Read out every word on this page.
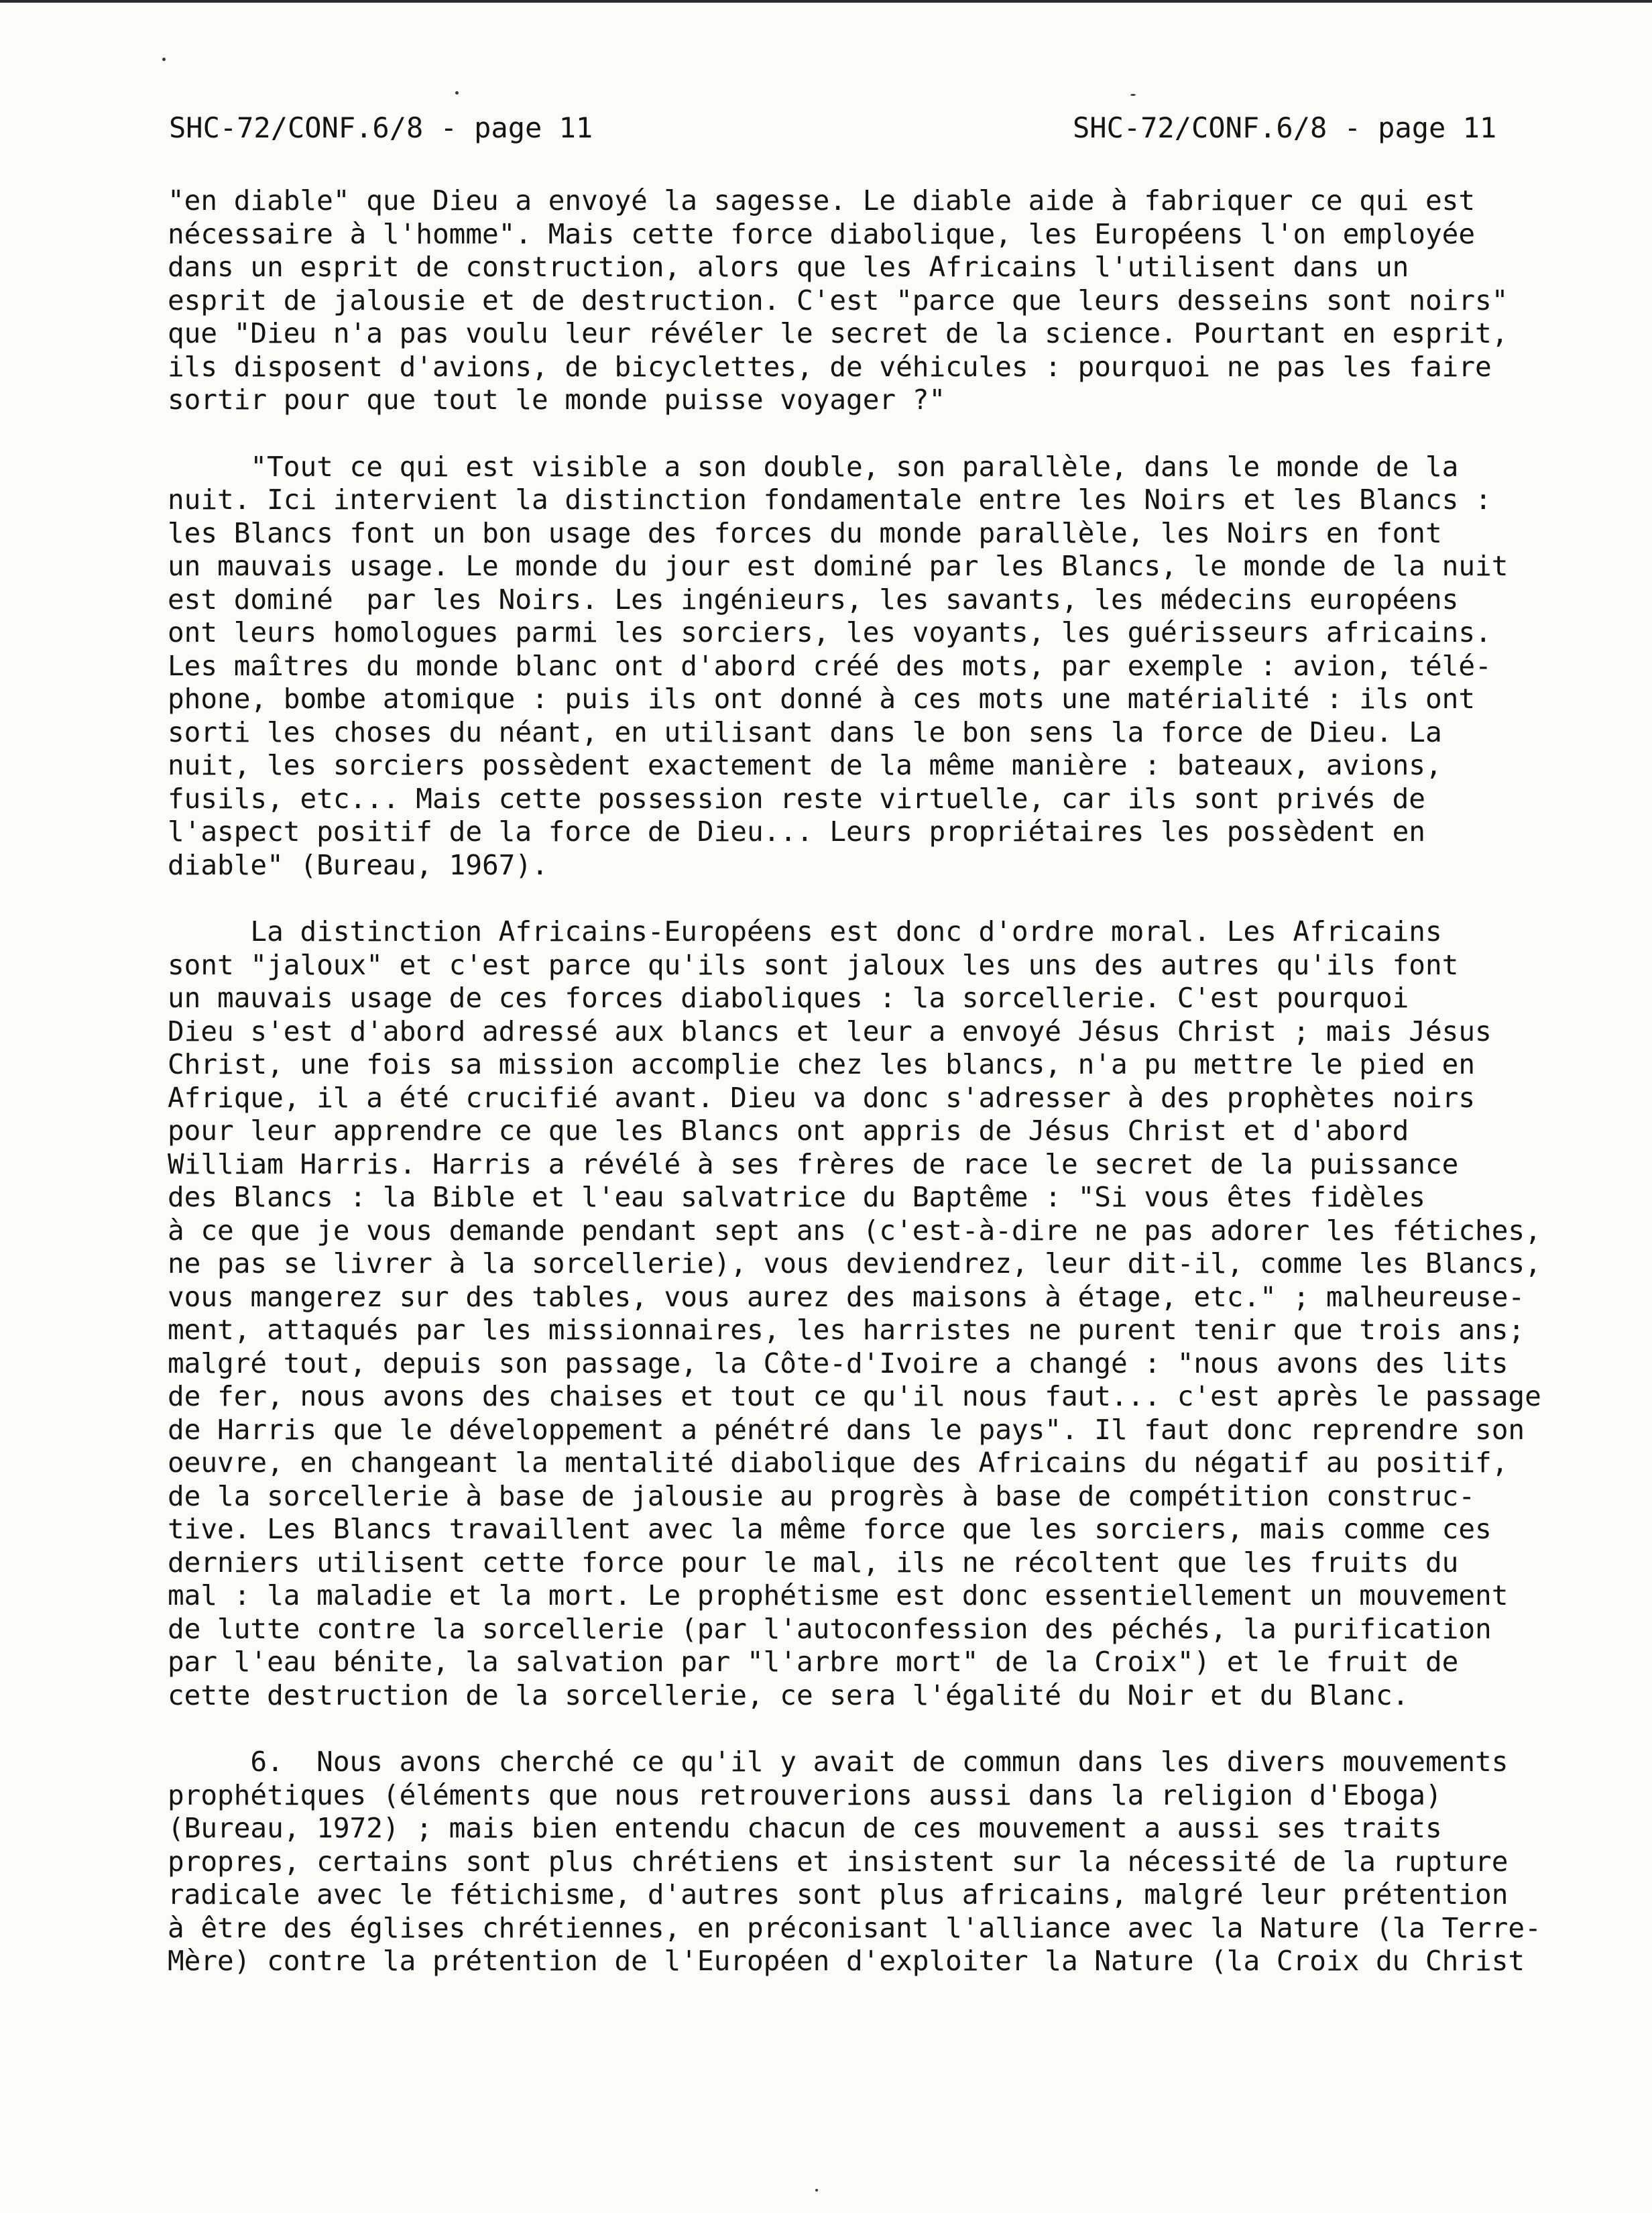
SHC-72/CONF.6/8 - page 11	SHC-72/CONF.6/8 - page 11
"en diable" que Dieu a envoyé la sagesse. Le diable aide à fabriquer ce qui est
nécessaire à l'homme". Mais cette force diabolique, les Européens l'on employée
dans un esprit de construction, alors que les Africains l'utilisent dans un
esprit de jalousie et de destruction. C'est "parce que leurs desseins sont noirs"
que "Dieu n'a pas voulu leur révéler le secret de la science. Pourtant en esprit,
ils disposent d'avions, de bicyclettes, de véhicules : pourquoi ne pas les faire
sortir pour que tout le monde puisse voyager ?"
"Tout ce qui est visible a son double, son parallèle, dans le monde de la
nuit. Ici intervient la distinction fondamentale entre les Noirs et les Blancs :
les Blancs font un bon usage des forces du monde parallèle, les Noirs en font
un mauvais usage. Le monde du jour est dominé par les Blancs, le monde de la nuit
est dominé  par les Noirs. Les ingénieurs, les savants, les médecins européens
ont leurs homologues parmi les sorciers, les voyants, les guérisseurs africains.
Les maîtres du monde blanc ont d'abord créé des mots, par exemple : avion, télé-
phone, bombe atomique : puis ils ont donné à ces mots une matérialité : ils ont
sorti les choses du néant, en utilisant dans le bon sens la force de Dieu. La
nuit, les sorciers possèdent exactement de la même manière : bateaux, avions,
fusils, etc... Mais cette possession reste virtuelle, car ils sont privés de
l'aspect positif de la force de Dieu... Leurs propriétaires les possèdent en
diable" (Bureau, 1967).
La distinction Africains-Européens est donc d'ordre moral. Les Africains
sont "jaloux" et c'est parce qu'ils sont jaloux les uns des autres qu'ils font
un mauvais usage de ces forces diaboliques : la sorcellerie. C'est pourquoi
Dieu s'est d'abord adressé aux blancs et leur a envoyé Jésus Christ ; mais Jésus
Christ, une fois sa mission accomplie chez les blancs, n'a pu mettre le pied en
Afrique, il a été crucifié avant. Dieu va donc s'adresser à des prophètes noirs
pour leur apprendre ce que les Blancs ont appris de Jésus Christ et d'abord
William Harris. Harris a révélé à ses frères de race le secret de la puissance
des Blancs : la Bible et l'eau salvatrice du Baptême : "Si vous êtes fidèles
à ce que je vous demande pendant sept ans (c'est-à-dire ne pas adorer les fétiches,
ne pas se livrer à la sorcellerie), vous deviendrez, leur dit-il, comme les Blancs,
vous mangerez sur des tables, vous aurez des maisons à étage, etc." ; malheureuse-
ment, attaqués par les missionnaires, les harristes ne purent tenir que trois ans;
malgré tout, depuis son passage, la Côte-d'Ivoire a changé : "nous avons des lits
de fer, nous avons des chaises et tout ce qu'il nous faut... c'est après le passage
de Harris que le développement a pénétré dans le pays". Il faut donc reprendre son
oeuvre, en changeant la mentalité diabolique des Africains du négatif au positif,
de la sorcellerie à base de jalousie au progrès à base de compétition construc-
tive. Les Blancs travaillent avec la même force que les sorciers, mais comme ces
derniers utilisent cette force pour le mal, ils ne récoltent que les fruits du
mal : la maladie et la mort. Le prophétisme est donc essentiellement un mouvement
de lutte contre la sorcellerie (par l'autoconfession des péchés, la purification
par l'eau bénite, la salvation par "l'arbre mort" de la Croix") et le fruit de
cette destruction de la sorcellerie, ce sera l'égalité du Noir et du Blanc.
6.  Nous avons cherché ce qu'il y avait de commun dans les divers mouvements
prophétiques (éléments que nous retrouverions aussi dans la religion d'Eboga)
(Bureau, 1972) ; mais bien entendu chacun de ces mouvement a aussi ses traits
propres, certains sont plus chrétiens et insistent sur la nécessité de la rupture
radicale avec le fétichisme, d'autres sont plus africains, malgré leur prétention
à être des églises chrétiennes, en préconisant l'alliance avec la Nature (la Terre-
Mère) contre la prétention de l'Européen d'exploiter la Nature (la Croix du Christ
